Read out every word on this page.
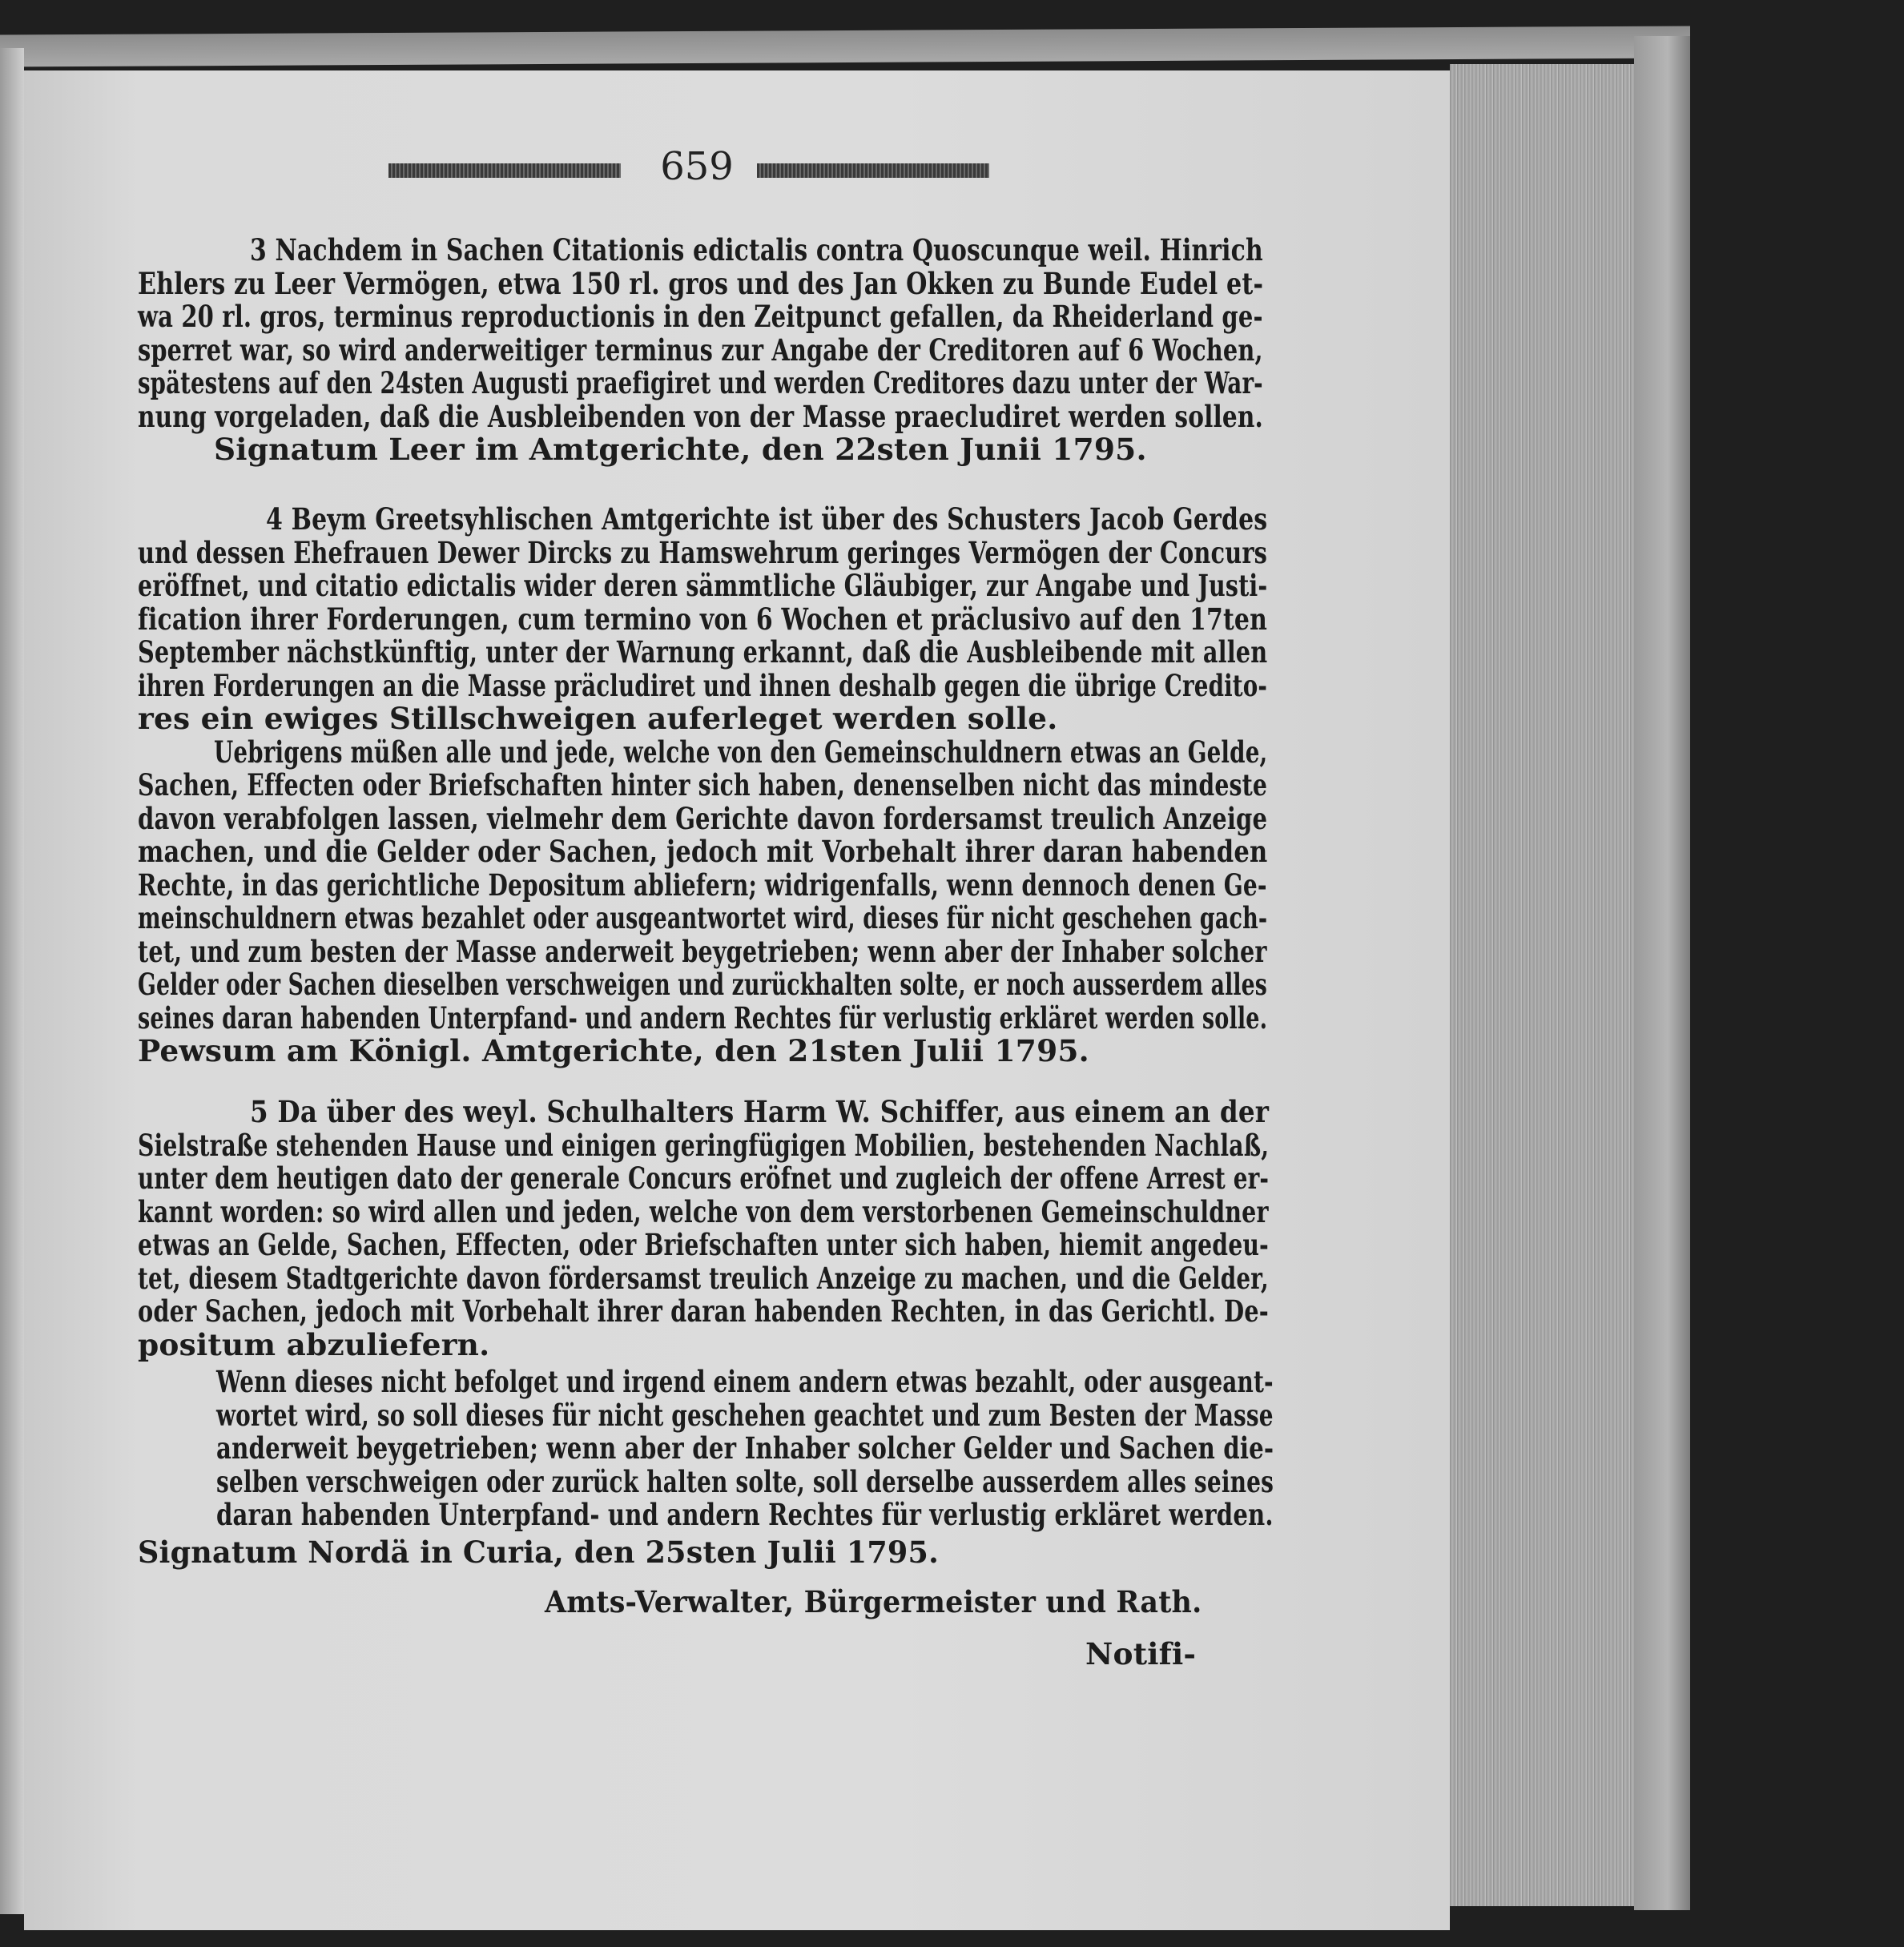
659
3 Nachdem in Sachen Citationis edictalis contra Quoscunque weil. Hinrich
Ehlers zu Leer Vermögen, etwa 150 rl. gros und des Jan Okken zu Bunde Eudel et-
wa 20 rl. gros, terminus reproductionis in den Zeitpunct gefallen, da Rheiderland ge-
sperret war, so wird anderweitiger terminus zur Angabe der Creditoren auf 6 Wochen,
spätestens auf den 24sten Augusti praefigiret und werden Creditores dazu unter der War-
nung vorgeladen, daß die Ausbleibenden von der Masse praecludiret werden sollen.
Signatum Leer im Amtgerichte, den 22sten Junii 1795.
4 Beym Greetsyhlischen Amtgerichte ist über des Schusters Jacob Gerdes
und dessen Ehefrauen Dewer Dircks zu Hamswehrum geringes Vermögen der Concurs
eröffnet, und citatio edictalis wider deren sämmtliche Gläubiger, zur Angabe und Justi-
fication ihrer Forderungen, cum termino von 6 Wochen et präclusivo auf den 17ten
September nächstkünftig, unter der Warnung erkannt, daß die Ausbleibende mit allen
ihren Forderungen an die Masse präcludiret und ihnen deshalb gegen die übrige Credito-
res ein ewiges Stillschweigen auferleget werden solle.
Uebrigens müßen alle und jede, welche von den Gemeinschuldnern etwas an Gelde,
Sachen, Effecten oder Briefschaften hinter sich haben, denenselben nicht das mindeste
davon verabfolgen lassen, vielmehr dem Gerichte davon fordersamst treulich Anzeige
machen, und die Gelder oder Sachen, jedoch mit Vorbehalt ihrer daran habenden
Rechte, in das gerichtliche Depositum abliefern; widrigenfalls, wenn dennoch denen Ge-
meinschuldnern etwas bezahlet oder ausgeantwortet wird, dieses für nicht geschehen gach-
tet, und zum besten der Masse anderweit beygetrieben; wenn aber der Inhaber solcher
Gelder oder Sachen dieselben verschweigen und zurückhalten solte, er noch ausserdem alles
seines daran habenden Unterpfand- und andern Rechtes für verlustig erkläret werden solle.
Pewsum am Königl. Amtgerichte, den 21sten Julii 1795.
5 Da über des weyl. Schulhalters Harm W. Schiffer, aus einem an der
Sielstraße stehenden Hause und einigen geringfügigen Mobilien, bestehenden Nachlaß,
unter dem heutigen dato der generale Concurs eröfnet und zugleich der offene Arrest er-
kannt worden: so wird allen und jeden, welche von dem verstorbenen Gemeinschuldner
etwas an Gelde, Sachen, Effecten, oder Briefschaften unter sich haben, hiemit angedeu-
tet, diesem Stadtgerichte davon fördersamst treulich Anzeige zu machen, und die Gelder,
oder Sachen, jedoch mit Vorbehalt ihrer daran habenden Rechten, in das Gerichtl. De-
positum abzuliefern.
Wenn dieses nicht befolget und irgend einem andern etwas bezahlt, oder ausgeant-
wortet wird, so soll dieses für nicht geschehen geachtet und zum Besten der Masse
anderweit beygetrieben; wenn aber der Inhaber solcher Gelder und Sachen die-
selben verschweigen oder zurück halten solte, soll derselbe ausserdem alles seines
daran habenden Unterpfand- und andern Rechtes für verlustig erkläret werden.
Signatum Nordä in Curia, den 25sten Julii 1795.
Amts-Verwalter, Bürgermeister und Rath.
Notifi-
